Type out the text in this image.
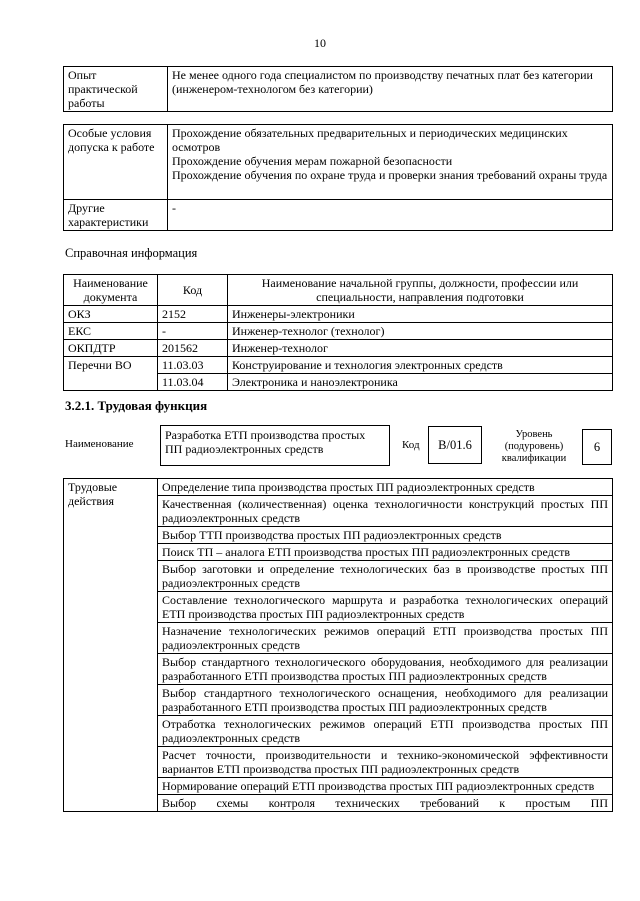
10
Опыт практической работы	Не менее одного года специалистом по производству печатных плат без категории (инженером-технологом без категории)
Особые условия допуска к работе	Прохождение обязательных предварительных и периодических медицинских осмотров
Прохождение обучения мерам пожарной безопасности
Прохождение обучения по охране труда и проверки знания требований охраны труда

Другие характеристики	-
Справочная информация
Наименование документа	Код	Наименование начальной группы, должности, профессии или специальности, направления подготовки
ОКЗ	2152	Инженеры-электроники
ЕКС	-	Инженер-технолог (технолог)
ОКПДТР	201562	Инженер-технолог
Перечни ВО	11.03.03	Конструирование и технология электронных средств
	11.03.04	Электроника и наноэлектроника
3.2.1. Трудовая функция
Наименование
Разработка ЕТП производства простых ПП радиоэлектронных средств	Код	B/01.6
Уровень (подуровень) квалификации
6
Трудовые действия	Определение типа производства простых ПП радиоэлектронных средств
Качественная (количественная) оценка технологичности конструкций простых ПП радиоэлектронных средств
Выбор ТТП производства простых ПП радиоэлектронных средств
Поиск ТП – аналога ЕТП производства простых ПП радиоэлектронных средств
Выбор заготовки и определение технологических баз в производстве простых ПП радиоэлектронных средств
Составление технологического маршрута и разработка технологических операций ЕТП производства простых ПП радиоэлектронных средств
Назначение технологических режимов операций ЕТП производства простых ПП радиоэлектронных средств
Выбор стандартного технологического оборудования, необходимого для реализации разработанного ЕТП производства простых ПП радиоэлектронных средств
Выбор стандартного технологического оснащения, необходимого для реализации разработанного ЕТП производства простых ПП радиоэлектронных средств
Отработка технологических режимов операций ЕТП производства простых ПП радиоэлектронных средств
Расчет точности, производительности и технико-экономической эффективности вариантов ЕТП производства простых ПП радиоэлектронных средств
Нормирование операций ЕТП производства простых ПП радиоэлектронных средств
Выбор схемы контроля технических требований к простым ПП
